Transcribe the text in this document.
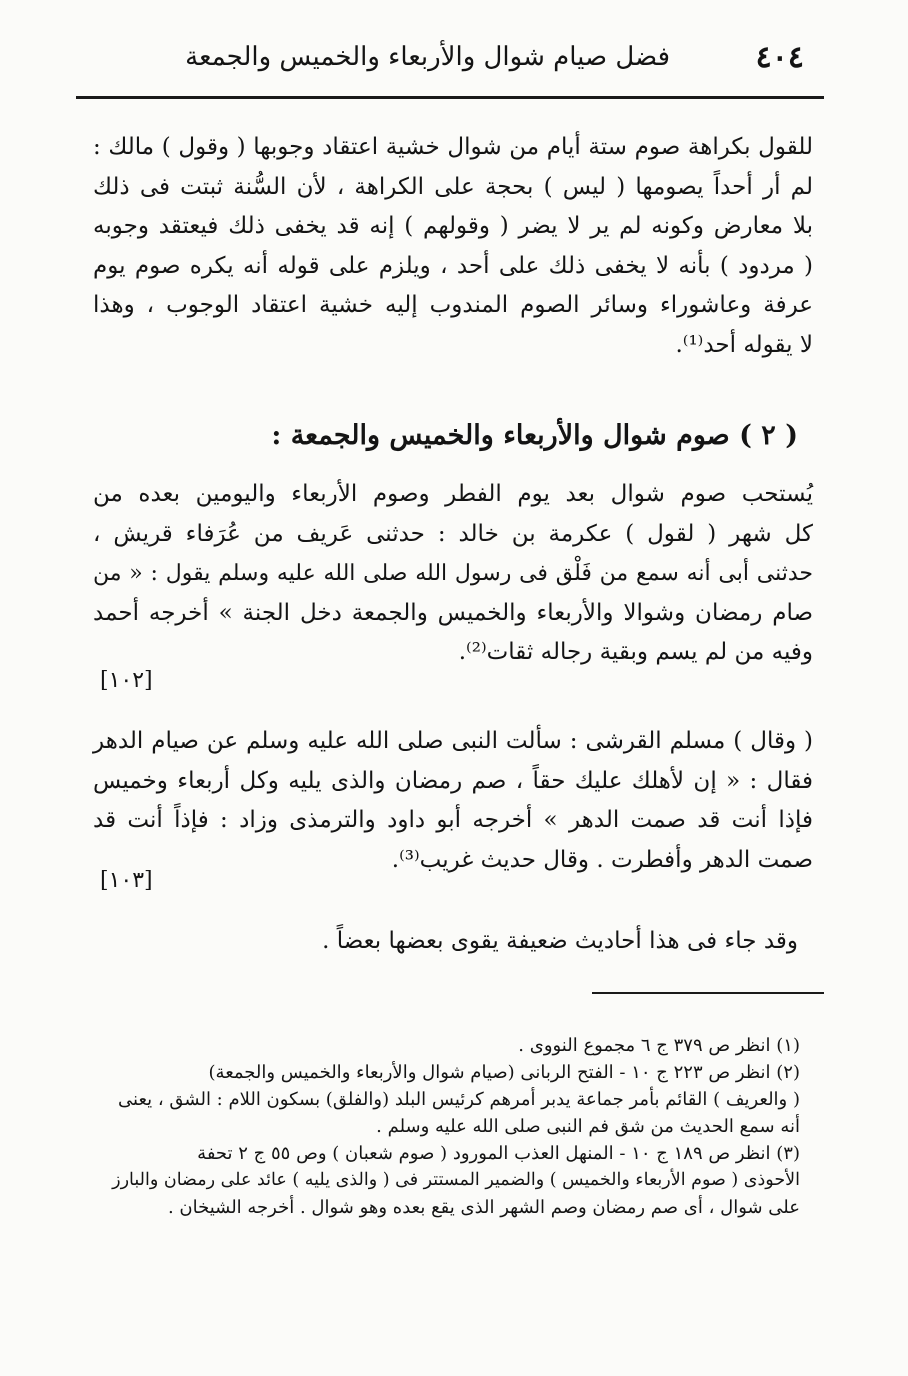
٤٠٤
فضل صيام شوال والأربعاء والخميس والجمعة
للقول بكراهة صوم ستة أيام من شوال خشية اعتقاد وجوبها ( وقول ) مالك :
لم أر أحداً يصومها ( ليس ) بحجة على الكراهة ، لأن السُّنة ثبتت فى ذلك
بلا معارض وكونه لم ير لا يضر ( وقولهم ) إنه قد يخفى ذلك فيعتقد وجوبه
( مردود ) بأنه لا يخفى ذلك على أحد ، ويلزم على قوله أنه يكره صوم يوم
عرفة وعاشوراء وسائر الصوم المندوب إليه خشية اعتقاد الوجوب ، وهذا
لا يقوله أحد⁽¹⁾.
( ٢ ) صوم شوال والأربعاء والخميس والجمعة :
يُستحب صوم شوال بعد يوم الفطر وصوم الأربعاء واليومين بعده من
كل شهر ( لقول ) عكرمة بن خالد : حدثنى عَريف من عُرَفاء قريش ،
حدثنى أبى أنه سمع من فَلْق فى رسول الله صلى الله عليه وسلم يقول : « من
صام رمضان وشوالا والأربعاء والخميس والجمعة دخل الجنة » أخرجه أحمد
وفيه من لم يسم وبقية رجاله ثقات⁽²⁾.
[١٠٢]
( وقال ) مسلم القرشى : سألت النبى صلى الله عليه وسلم عن صيام الدهر
فقال : « إن لأهلك عليك حقاً ، صم رمضان والذى يليه وكل أربعاء وخميس
فإذا أنت قد صمت الدهر » أخرجه أبو داود والترمذى وزاد : فإذاً أنت قد
صمت الدهر وأفطرت . وقال حديث غريب⁽³⁾.
[١٠٣]
وقد جاء فى هذا أحاديث ضعيفة يقوى بعضها بعضاً .
(١) انظر ص ٣٧٩ ج ٦ مجموع النووى .
(٢) انظر ص ٢٢٣ ج ١٠ - الفتح الربانى (صيام شوال والأربعاء والخميس والجمعة)
( والعريف ) القائم بأمر جماعة يدبر أمرهم كرئيس البلد (والفلق) بسكون اللام : الشق ، يعنى
أنه سمع الحديث من شق فم النبى صلى الله عليه وسلم .
(٣) انظر ص ١٨٩ ج ١٠ - المنهل العذب المورود ( صوم شعبان ) وص ٥٥ ج ٢ تحفة
الأحوذى ( صوم الأربعاء والخميس ) والضمير المستتر فى ( والذى يليه ) عائد على رمضان والبارز
على شوال ، أى صم رمضان وصم الشهر الذى يقع بعده وهو شوال . أخرجه الشيخان .
